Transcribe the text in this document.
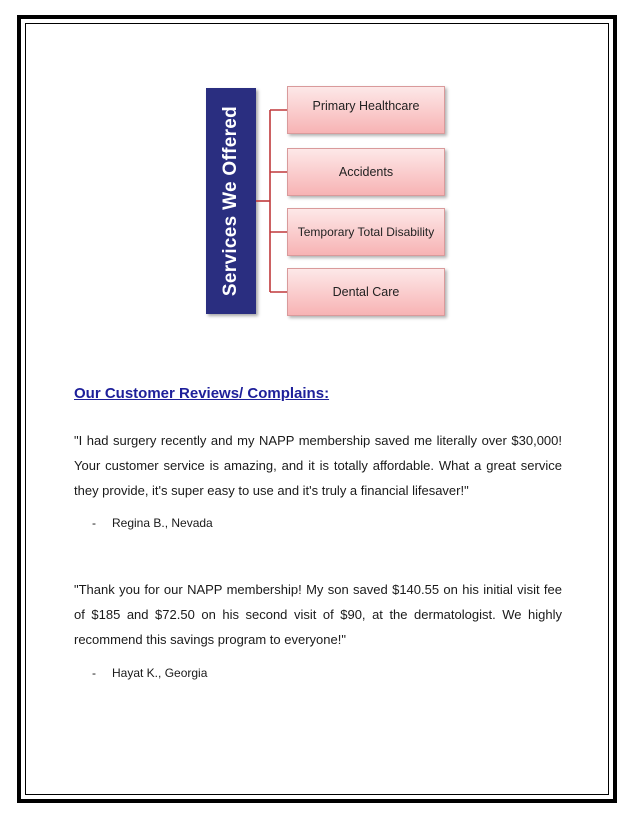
Services We Offered	Primary Healthcare
Accidents
Temporary Total Disability
Dental Care
Our Customer Reviews/ Complains:
"I had surgery recently and my NAPP membership saved me literally over $30,000! Your customer service is amazing, and it is totally affordable. What a great service they provide, it's super easy to use and it's truly a financial lifesaver!"
- Regina B., Nevada
"Thank you for our NAPP membership! My son saved $140.55 on his initial visit fee of $185 and $72.50 on his second visit of $90, at the dermatologist. We highly recommend this savings program to everyone!"
- Hayat K., Georgia
